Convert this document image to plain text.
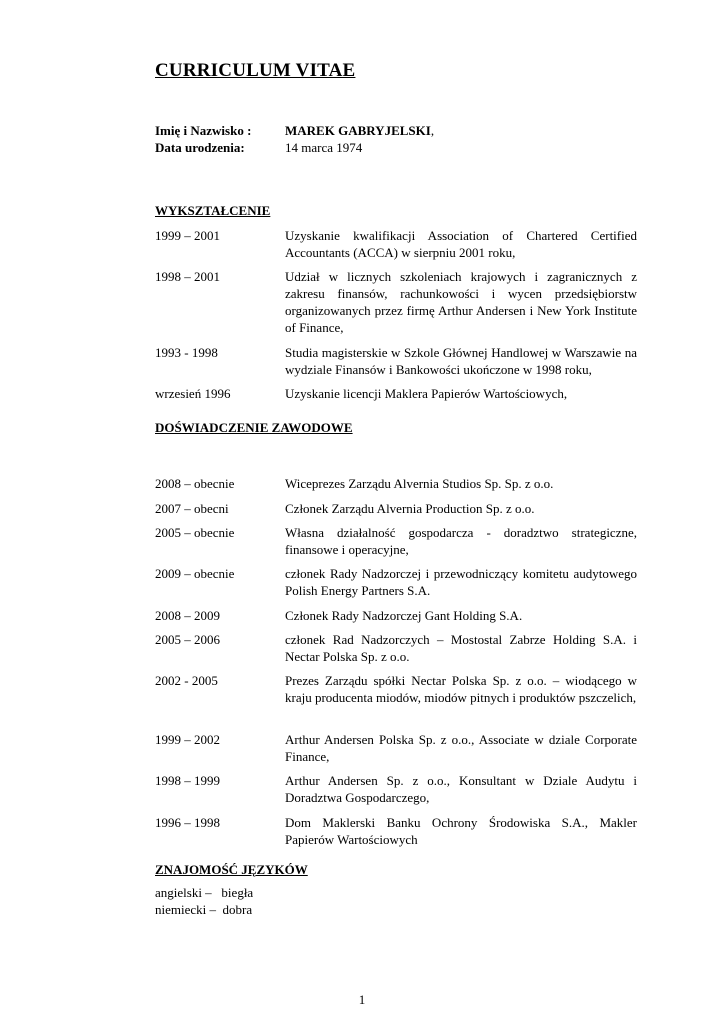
CURRICULUM VITAE
Imię i Nazwisko :	MAREK GABRYJELSKI,
Data urodzenia:	14 marca 1974
WYKSZTAŁCENIE
1999 – 2001	Uzyskanie kwalifikacji Association of Chartered Certified Accountants (ACCA) w sierpniu 2001 roku,
1998 – 2001	Udział w licznych szkoleniach krajowych i zagranicznych z zakresu finansów, rachunkowości i wycen przedsiębiorstw organizowanych przez firmę Arthur Andersen i New York Institute of Finance,
1993 - 1998	Studia magisterskie w Szkole Głównej Handlowej w Warszawie na wydziale Finansów i Bankowości ukończone w 1998 roku,
wrzesień 1996	Uzyskanie licencji Maklera Papierów Wartościowych,
DOŚWIADCZENIE ZAWODOWE
2008 – obecnie	Wiceprezes Zarządu Alvernia Studios Sp. Sp. z o.o.
2007 – obecni	Członek Zarządu Alvernia Production Sp. z o.o.
2005 – obecnie	Własna działalność gospodarcza - doradztwo strategiczne, finansowe i operacyjne,
2009 – obecnie	członek Rady Nadzorczej i przewodniczący komitetu audytowego Polish Energy Partners S.A.
2008 – 2009	Członek Rady Nadzorczej Gant Holding S.A.
2005 – 2006	członek Rad Nadzorczych – Mostostal Zabrze Holding S.A. i Nectar Polska Sp. z o.o.
2002 - 2005	Prezes Zarządu spółki Nectar Polska Sp. z o.o. – wiodącego w kraju producenta miodów, miodów pitnych i produktów pszczelich,
1999 – 2002	Arthur Andersen Polska Sp. z o.o., Associate w dziale Corporate Finance,
1998 – 1999	Arthur Andersen Sp. z o.o., Konsultant w Dziale Audytu i Doradztwa Gospodarczego,
1996 – 1998	Dom Maklerski Banku Ochrony Środowiska S.A., Makler Papierów Wartościowych
ZNAJOMOŚĆ JĘZYKÓW
angielski –   biegła
niemiecki –  dobra
1
